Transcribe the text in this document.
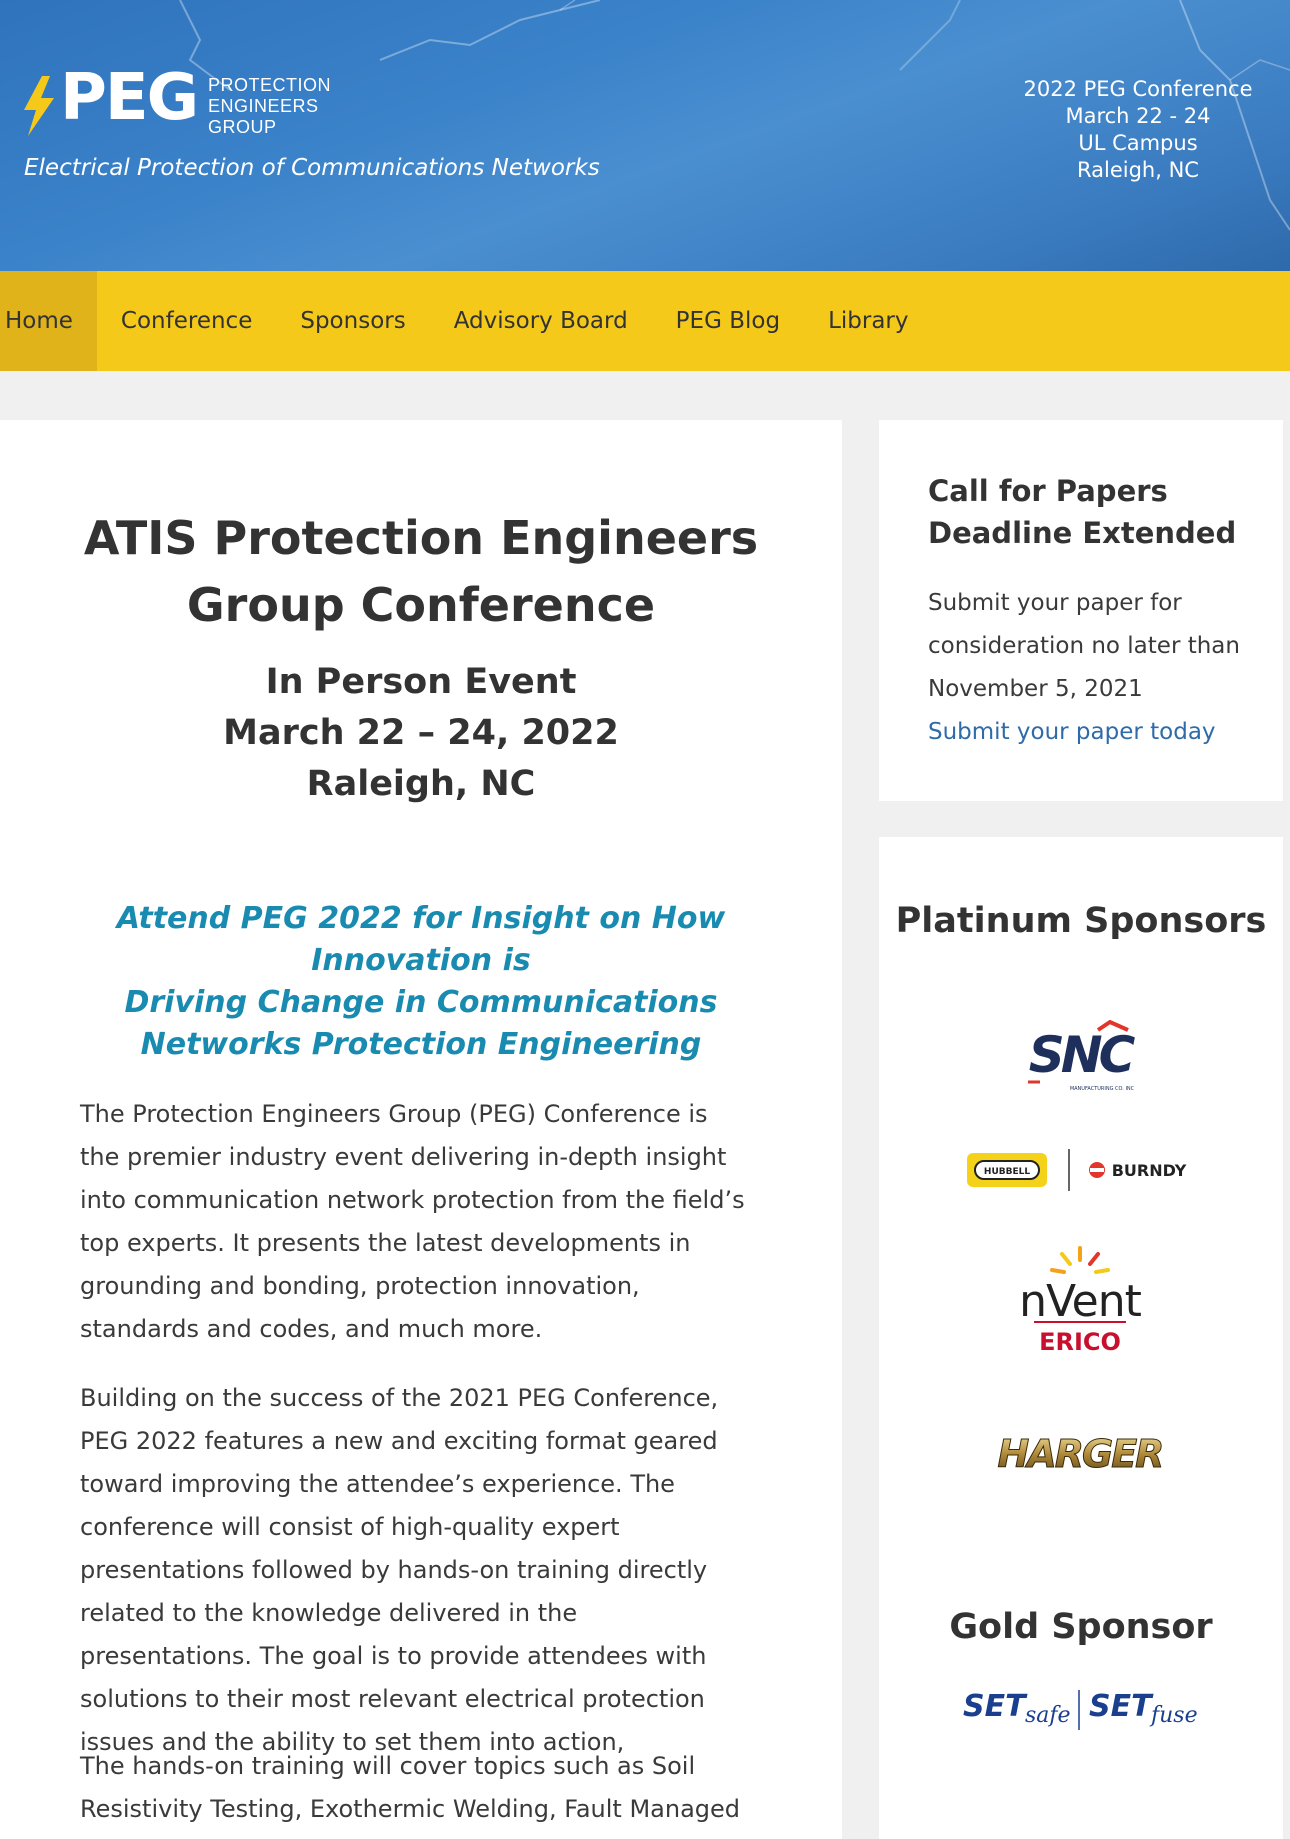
PEG PROTECTION
ENGINEERS
GROUP
Electrical Protection of Communications Networks
2022 PEG Conference
March 22 - 24
UL Campus
Raleigh, NC
Home	Conference	Sponsors	Advisory Board	PEG Blog	Library
ATIS Protection Engineers Group Conference
In Person Event
March 22 – 24, 2022
Raleigh, NC
Attend PEG 2022 for Insight on How Innovation is
Driving Change in Communications Networks Protection Engineering

The Protection Engineers Group (PEG) Conference is the premier industry event delivering in-depth insight into communication network protection from the field’s top experts. It presents the latest developments in grounding and bonding, protection innovation, standards and codes, and much more.

Building on the success of the 2021 PEG Conference, PEG 2022 features a new and exciting format geared toward improving the attendee’s experience. The conference will consist of high-quality expert presentations followed by hands-on training directly related to the knowledge delivered in the presentations. The goal is to provide attendees with solutions to their most relevant electrical protection issues and the ability to set them into action,

The hands-on training will cover topics such as Soil Resistivity Testing, Exothermic Welding, Fault Managed

Call for Papers
Deadline Extended
Submit your paper for consideration no later than November 5, 2021
Submit your paper today
Platinum Sponsors
SNC
MANUFACTURING CO. INC
HUBBELL	BURNDY
nVent
ERICO
HARGER
Gold Sponsor
SET safe SET fuse
